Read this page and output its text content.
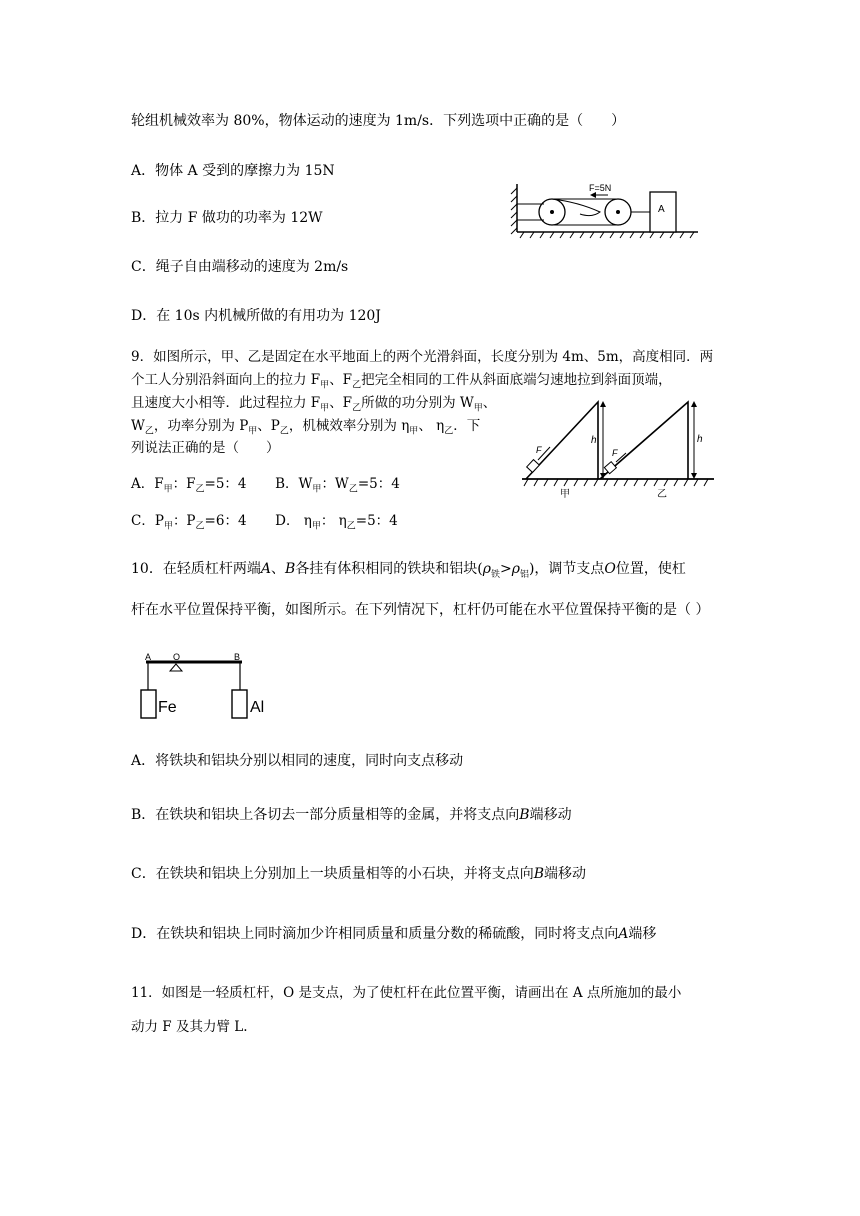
轮组机械效率为 80%，物体运动的速度为 1m/s．下列选项中正确的是（　　）
A．物体 A 受到的摩擦力为 15N
B．拉力 F 做功的功率为 12W
C．绳子自由端移动的速度为 2m/s
D．在 10s 内机械所做的有用功为 120J
F=5N
A
9．如图所示，甲、乙是固定在水平地面上的两个光滑斜面，长度分别为 4m、5m，高度相同．两
个工人分别沿斜面向上的拉力 $F_甲$、$F_乙$把完全相同的工件从斜面底端匀速地拉到斜面顶端，
且速度大小相等．此过程拉力 $F_甲$、$F_乙$所做的功分别为 $W_甲$、
$W_乙$，功率分别为 $P_甲$、$P_乙$，机械效率分别为 $\eta_甲$、 $\eta_乙$．下
列说法正确的是（　　）
A．$F_甲$：$F_乙=5$：4 B．$W_甲$：$W_乙=5$：4
C．$P_甲$：$P_乙=6$：4 D． $\eta_甲$： $\eta_乙=5$：4
h
F
h
F
甲	乙
10．在轻质杠杆两端A、B各挂有体积相同的铁块和铝块$(\rho_铁>\rho_铝)$，调节支点O位置，使杠
杆在水平位置保持平衡，如图所示。在下列情况下，杠杆仍可能在水平位置保持平衡的是（ ）
A O	B
Fe	Al
A．将铁块和铝块分别以相同的速度，同时向支点移动
B．在铁块和铝块上各切去一部分质量相等的金属，并将支点向B端移动
C．在铁块和铝块上分别加上一块质量相等的小石块，并将支点向B端移动
D．在铁块和铝块上同时滴加少许相同质量和质量分数的稀硫酸，同时将支点向A端移
11．如图是一轻质杠杆，O 是支点，为了使杠杆在此位置平衡，请画出在 A 点所施加的最小
动力 F 及其力臂 L.
